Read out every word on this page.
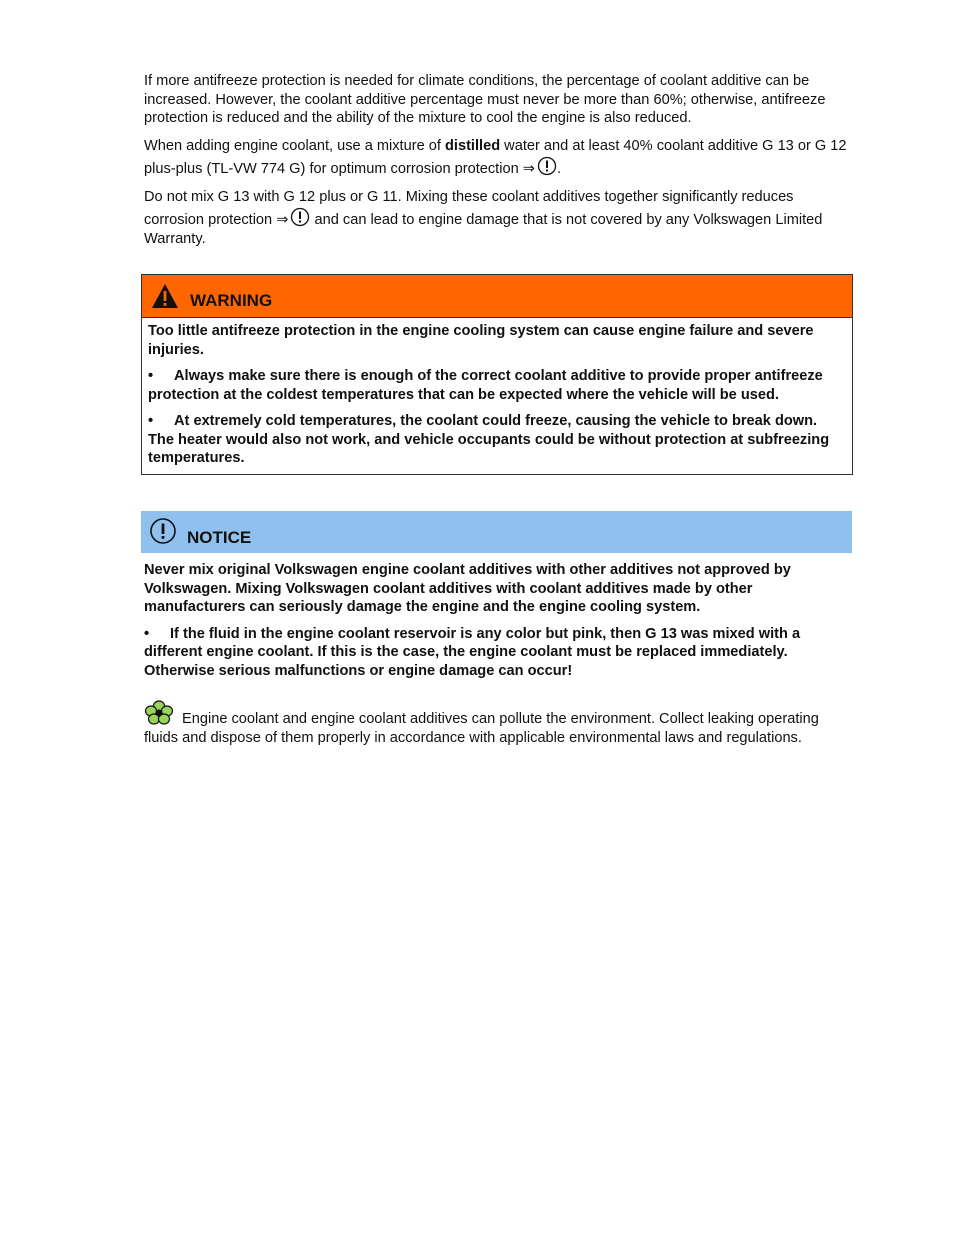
If more antifreeze protection is needed for climate conditions, the percentage of coolant additive can be increased. However, the coolant additive percentage must never be more than 60%; otherwise, antifreeze protection is reduced and the ability of the mixture to cool the engine is also reduced.

When adding engine coolant, use a mixture of distilled water and at least 40% coolant additive G 13 or G 12 plus-plus (TL-VW 774 G) for optimum corrosion protection ⇒ .

Do not mix G 13 with G 12 plus or G 11. Mixing these coolant additives together significantly reduces corrosion protection ⇒ and can lead to engine damage that is not covered by any Volkswagen Limited Warranty.

WARNING

Too little antifreeze protection in the engine cooling system can cause engine failure and severe injuries.

• Always make sure there is enough of the correct coolant additive to provide proper antifreeze protection at the coldest temperatures that can be expected where the vehicle will be used.

• At extremely cold temperatures, the coolant could freeze, causing the vehicle to break down. The heater would also not work, and vehicle occupants could be without protection at subfreezing temperatures.

NOTICE

Never mix original Volkswagen engine coolant additives with other additives not approved by Volkswagen. Mixing Volkswagen coolant additives with coolant additives made by other manufacturers can seriously damage the engine and the engine cooling system.

• If the fluid in the engine coolant reservoir is any color but pink, then G 13 was mixed with a different engine coolant. If this is the case, the engine coolant must be replaced immediately. Otherwise serious malfunctions or engine damage can occur!

Engine coolant and engine coolant additives can pollute the environment. Collect leaking operating fluids and dispose of them properly in accordance with applicable environmental laws and regulations.
